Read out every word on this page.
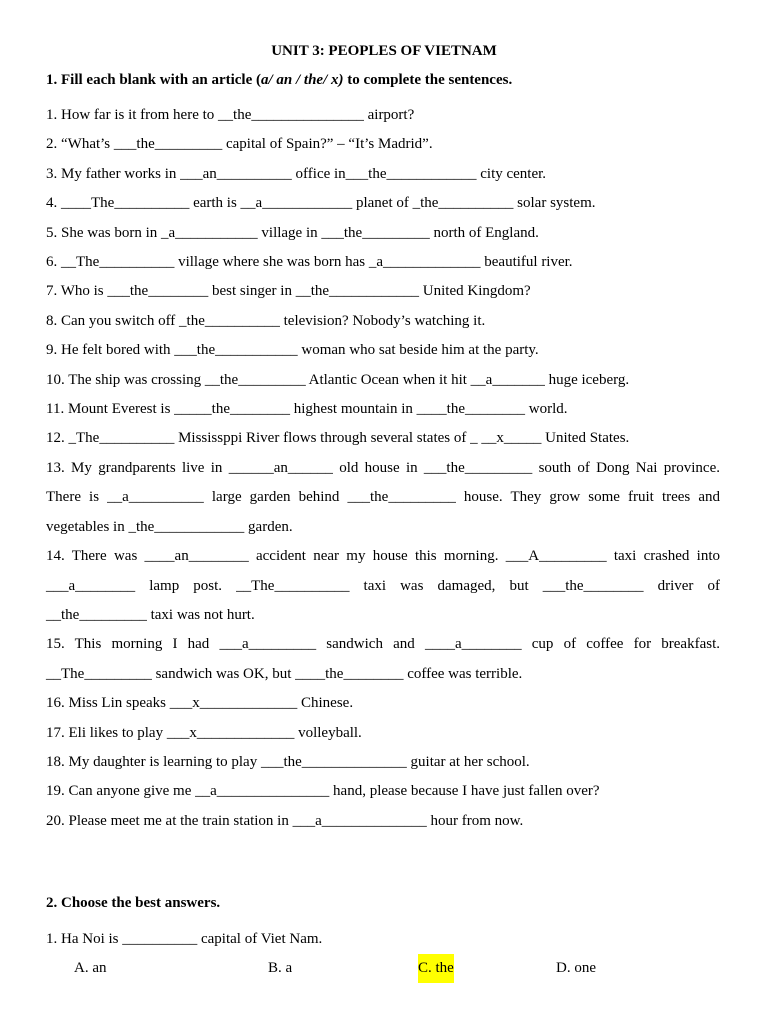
UNIT 3: PEOPLES OF VIETNAM
1. Fill each blank with an article (a/ an / the/ x) to complete the sentences.
1. How far is it from here to __the_______________ airport?
2. “What’s ___the_________ capital of Spain?” – “It’s Madrid”.
3. My father works in ___an__________ office in___the____________ city center.
4. ____The__________ earth is __a____________ planet of _the__________ solar system.
5. She was born in _a___________ village in ___the_________ north of England.
6. __The__________ village where she was born has _a_____________ beautiful river.
7. Who is ___the________ best singer in __the____________ United Kingdom?
8. Can you switch off _the__________ television? Nobody’s watching it.
9. He felt bored with ___the___________ woman who sat beside him at the party.
10. The ship was crossing __the_________ Atlantic Ocean when it hit __a_______ huge iceberg.
11. Mount Everest is _____the________ highest mountain in ____the________ world.
12. _The__________ Mississppi River flows through several states of _ __x_____ United States.
13. My grandparents live in ______an______ old house in ___the_________ south of Dong Nai province. There is __a__________ large garden behind ___the_________ house. They grow some fruit trees and vegetables in _the____________ garden.
14. There was ____an________ accident near my house this morning. ___A_________ taxi crashed into ___a________ lamp post. __The__________ taxi was damaged, but ___the________ driver of __the_________ taxi was not hurt.
15. This morning I had ___a_________ sandwich and ____a________ cup of coffee for breakfast. __The_________ sandwich was OK, but ____the________ coffee was terrible.
16. Miss Lin speaks ___x_____________ Chinese.
17. Eli likes to play ___x_____________ volleyball.
18. My daughter is learning to play ___the______________ guitar at her school.
19. Can anyone give me __a_______________ hand, please because I have just fallen over?
20. Please meet me at the train station in ___a______________ hour from now.
2. Choose the best answers.
1. Ha Noi is __________ capital of Viet Nam.
A. an	B. a	C. the	D. one
